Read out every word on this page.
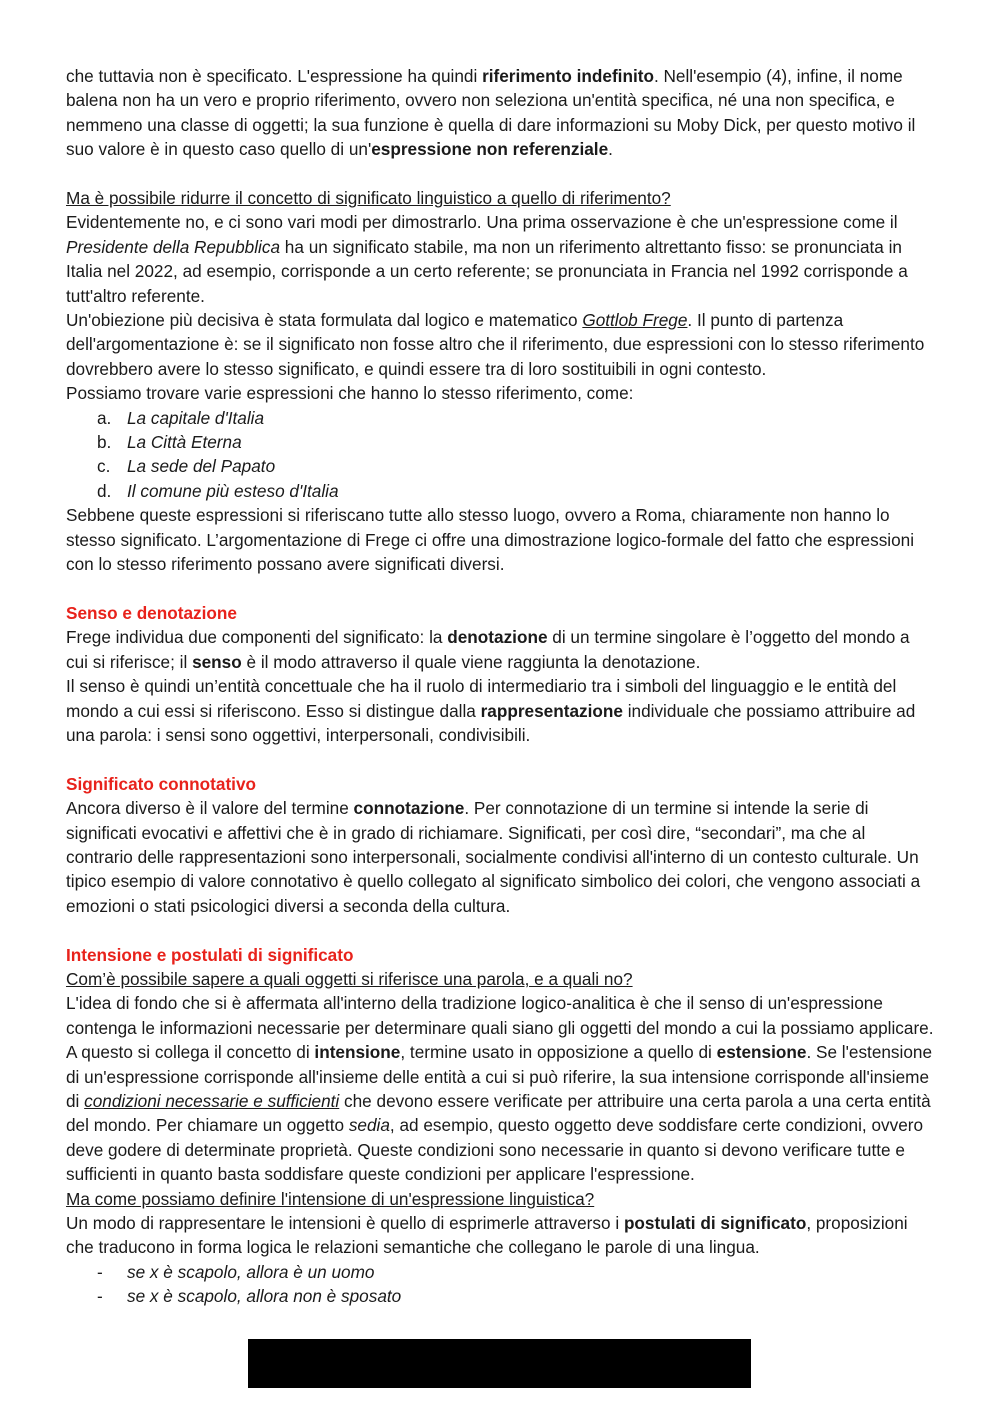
che tuttavia non è specificato. L'espressione ha quindi riferimento indefinito. Nell'esempio (4), infine, il nome balena non ha un vero e proprio riferimento, ovvero non seleziona un'entità specifica, né una non specifica, e nemmeno una classe di oggetti; la sua funzione è quella di dare informazioni su Moby Dick, per questo motivo il suo valore è in questo caso quello di un'espressione non referenziale.

Ma è possibile ridurre il concetto di significato linguistico a quello di riferimento?

Evidentemente no, e ci sono vari modi per dimostrarlo. Una prima osservazione è che un'espressione come il Presidente della Repubblica ha un significato stabile, ma non un riferimento altrettanto fisso: se pronunciata in Italia nel 2022, ad esempio, corrisponde a un certo referente; se pronunciata in Francia nel 1992 corrisponde a tutt'altro referente.

Un'obiezione più decisiva è stata formulata dal logico e matematico Gottlob Frege. Il punto di partenza dell'argomentazione è: se il significato non fosse altro che il riferimento, due espressioni con lo stesso riferimento dovrebbero avere lo stesso significato, e quindi essere tra di loro sostituibili in ogni contesto.

Possiamo trovare varie espressioni che hanno lo stesso riferimento, come:

a. La capitale d'Italia
b. La Città Eterna
c. La sede del Papato
d. Il comune più esteso d'Italia

Sebbene queste espressioni si riferiscano tutte allo stesso luogo, ovvero a Roma, chiaramente non hanno lo stesso significato. L’argomentazione di Frege ci offre una dimostrazione logico-formale del fatto che espressioni con lo stesso riferimento possano avere significati diversi.

Senso e denotazione

Frege individua due componenti del significato: la denotazione di un termine singolare è l’oggetto del mondo a cui si riferisce; il senso è il modo attraverso il quale viene raggiunta la denotazione.

Il senso è quindi un’entità concettuale che ha il ruolo di intermediario tra i simboli del linguaggio e le entità del mondo a cui essi si riferiscono. Esso si distingue dalla rappresentazione individuale che possiamo attribuire ad una parola: i sensi sono oggettivi, interpersonali, condivisibili.

Significato connotativo

Ancora diverso è il valore del termine connotazione. Per connotazione di un termine si intende la serie di significati evocativi e affettivi che è in grado di richiamare. Significati, per così dire, “secondari”, ma che al contrario delle rappresentazioni sono interpersonali, socialmente condivisi all'interno di un contesto culturale. Un tipico esempio di valore connotativo è quello collegato al significato simbolico dei colori, che vengono associati a emozioni o stati psicologici diversi a seconda della cultura.

Intensione e postulati di significato

Com’è possibile sapere a quali oggetti si riferisce una parola, e a quali no?

L'idea di fondo che si è affermata all'interno della tradizione logico-analitica è che il senso di un'espressione contenga le informazioni necessarie per determinare quali siano gli oggetti del mondo a cui la possiamo applicare. A questo si collega il concetto di intensione, termine usato in opposizione a quello di estensione. Se l'estensione di un'espressione corrisponde all'insieme delle entità a cui si può riferire, la sua intensione corrisponde all'insieme di condizioni necessarie e sufficienti che devono essere verificate per attribuire una certa parola a una certa entità del mondo. Per chiamare un oggetto sedia, ad esempio, questo oggetto deve soddisfare certe condizioni, ovvero deve godere di determinate proprietà. Queste condizioni sono necessarie in quanto si devono verificare tutte e sufficienti in quanto basta soddisfare queste condizioni per applicare l'espressione.

Ma come possiamo definire l'intensione di un'espressione linguistica?

Un modo di rappresentare le intensioni è quello di esprimerle attraverso i postulati di significato, proposizioni che traducono in forma logica le relazioni semantiche che collegano le parole di una lingua.

- se x è scapolo, allora è un uomo
- se x è scapolo, allora non è sposato
